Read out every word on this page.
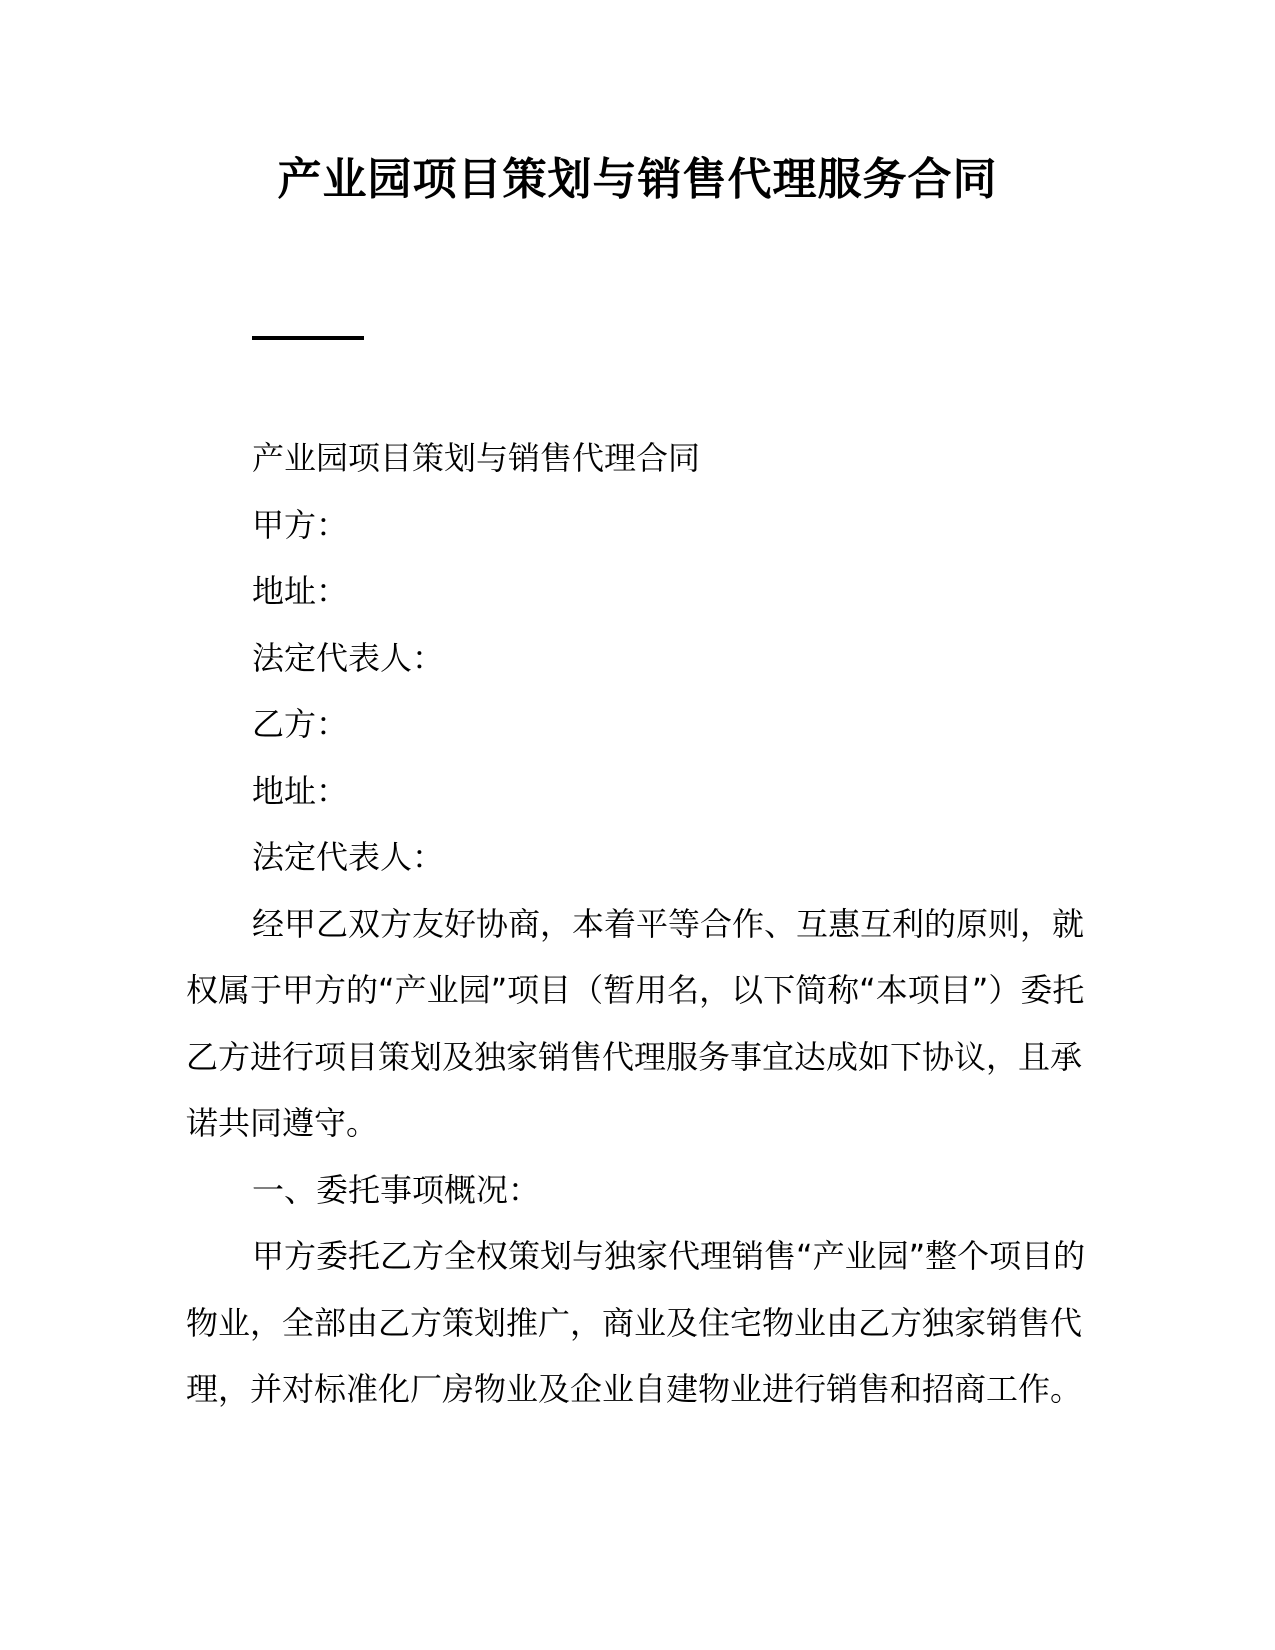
产业园项目策划与销售代理服务合同

产业园项目策划与销售代理合同

甲方：

地址：

法定代表人：

乙方：

地址：

法定代表人：

经甲乙双方友好协商，本着平等合作、互惠互利的原则，就权属于甲方的“产业园”项目（暂用名，以下简称“本项目”）委托乙方进行项目策划及独家销售代理服务事宜达成如下协议，且承诺共同遵守。

一、委托事项概况：

甲方委托乙方全权策划与独家代理销售“产业园”整个项目的物业，全部由乙方策划推广，商业及住宅物业由乙方独家销售代理，并对标准化厂房物业及企业自建物业进行销售和招商工作。
